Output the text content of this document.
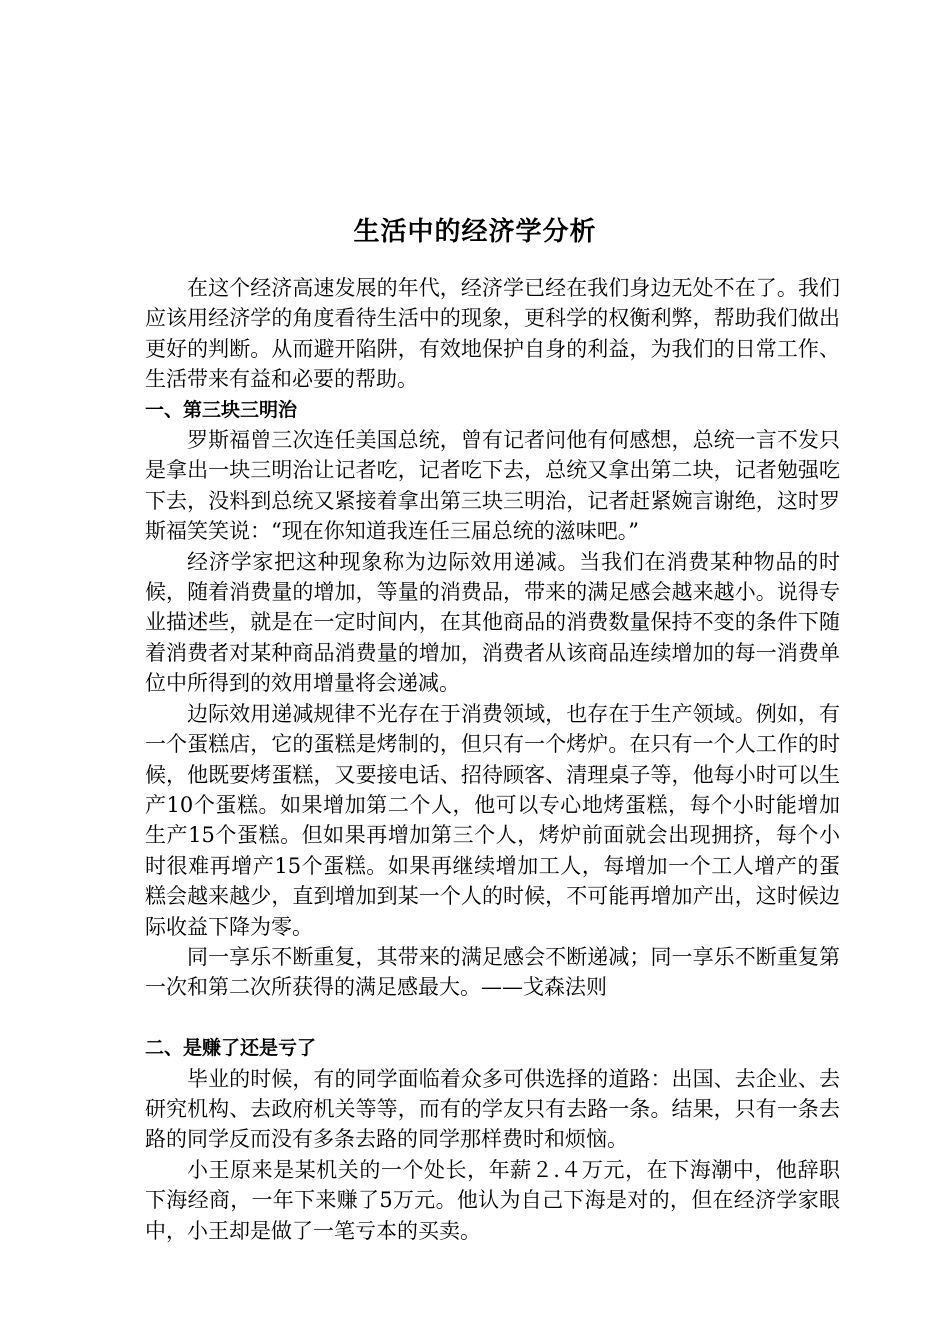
生活中的经济学分析

在这个经济高速发展的年代，经济学已经在我们身边无处不在了。我们应该用经济学的角度看待生活中的现象，更科学的权衡利弊，帮助我们做出更好的判断。从而避开陷阱，有效地保护自身的利益，为我们的日常工作、生活带来有益和必要的帮助。

一、第三块三明治

罗斯福曾三次连任美国总统，曾有记者问他有何感想，总统一言不发只是拿出一块三明治让记者吃，记者吃下去，总统又拿出第二块，记者勉强吃下去，没料到总统又紧接着拿出第三块三明治，记者赶紧婉言谢绝，这时罗斯福笑笑说：“现在你知道我连任三届总统的滋味吧。”

经济学家把这种现象称为边际效用递减。当我们在消费某种物品的时候，随着消费量的增加，等量的消费品，带来的满足感会越来越小。说得专业描述些，就是在一定时间内，在其他商品的消费数量保持不变的条件下随着消费者对某种商品消费量的增加，消费者从该商品连续增加的每一消费单位中所得到的效用增量将会递减。

边际效用递减规律不光存在于消费领域，也存在于生产领域。例如，有一个蛋糕店，它的蛋糕是烤制的，但只有一个烤炉。在只有一个人工作的时候，他既要烤蛋糕，又要接电话、招待顾客、清理桌子等，他每小时可以生产10个蛋糕。如果增加第二个人，他可以专心地烤蛋糕，每个小时能增加生产15个蛋糕。但如果再增加第三个人，烤炉前面就会出现拥挤，每个小时很难再增产15个蛋糕。如果再继续增加工人，每增加一个工人增产的蛋糕会越来越少，直到增加到某一个人的时候，不可能再增加产出，这时候边际收益下降为零。

同一享乐不断重复，其带来的满足感会不断递减；同一享乐不断重复第一次和第二次所获得的满足感最大。——戈森法则

二、是赚了还是亏了

毕业的时候，有的同学面临着众多可供选择的道路：出国、去企业、去研究机构、去政府机关等等，而有的学友只有去路一条。结果，只有一条去路的同学反而没有多条去路的同学那样费时和烦恼。

小王原来是某机关的一个处长，年薪２.４万元，在下海潮中，他辞职下海经商，一年下来赚了5万元。他认为自己下海是对的，但在经济学家眼中，小王却是做了一笔亏本的买卖。
